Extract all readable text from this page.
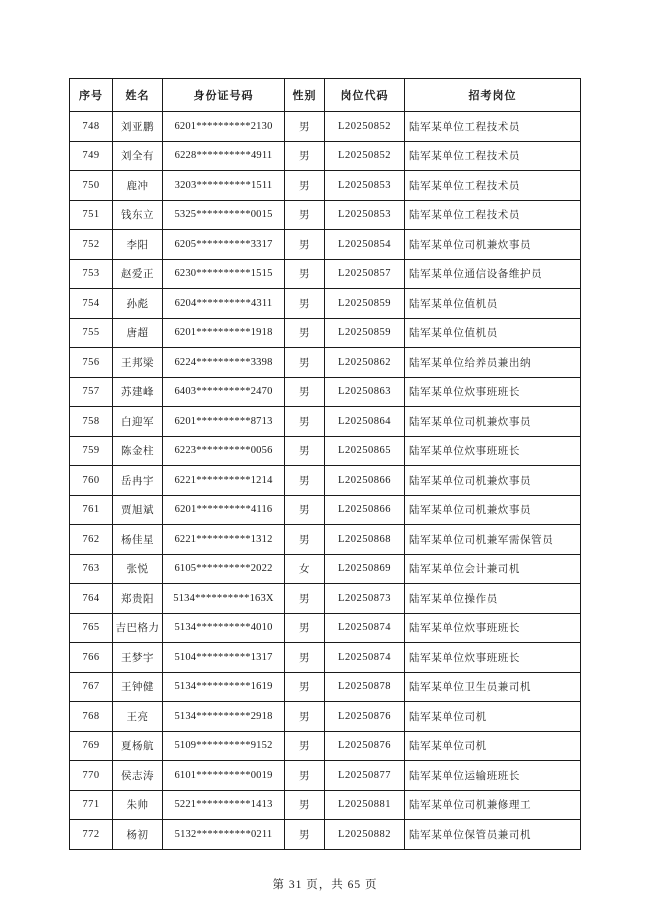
序号	姓名	身份证号码	性别	岗位代码	招考岗位
748	刘亚鹏	6201**********2130	男	L20250852	陆军某单位工程技术员
749	刘全有	6228**********4911	男	L20250852	陆军某单位工程技术员
750	鹿冲	3203**********1511	男	L20250853	陆军某单位工程技术员
751	钱东立	5325**********0015	男	L20250853	陆军某单位工程技术员
752	李阳	6205**********3317	男	L20250854	陆军某单位司机兼炊事员
753	赵爱正	6230**********1515	男	L20250857	陆军某单位通信设备维护员
754	孙彪	6204**********4311	男	L20250859	陆军某单位值机员
755	唐超	6201**********1918	男	L20250859	陆军某单位值机员
756	王邦梁	6224**********3398	男	L20250862	陆军某单位给养员兼出纳
757	苏建峰	6403**********2470	男	L20250863	陆军某单位炊事班班长
758	白迎军	6201**********8713	男	L20250864	陆军某单位司机兼炊事员
759	陈金柱	6223**********0056	男	L20250865	陆军某单位炊事班班长
760	岳冉宇	6221**********1214	男	L20250866	陆军某单位司机兼炊事员
761	贾旭斌	6201**********4116	男	L20250866	陆军某单位司机兼炊事员
762	杨佳星	6221**********1312	男	L20250868	陆军某单位司机兼军需保管员
763	张悦	6105**********2022	女	L20250869	陆军某单位会计兼司机
764	郑贵阳	5134**********163X	男	L20250873	陆军某单位操作员
765	吉巴格力	5134**********4010	男	L20250874	陆军某单位炊事班班长
766	王梦宇	5104**********1317	男	L20250874	陆军某单位炊事班班长
767	王钟健	5134**********1619	男	L20250878	陆军某单位卫生员兼司机
768	王亮	5134**********2918	男	L20250876	陆军某单位司机
769	夏杨航	5109**********9152	男	L20250876	陆军某单位司机
770	侯志涛	6101**********0019	男	L20250877	陆军某单位运输班班长
771	朱帅	5221**********1413	男	L20250881	陆军某单位司机兼修理工
772	杨初	5132**********0211	男	L20250882	陆军某单位保管员兼司机
第 31 页，共 65 页
